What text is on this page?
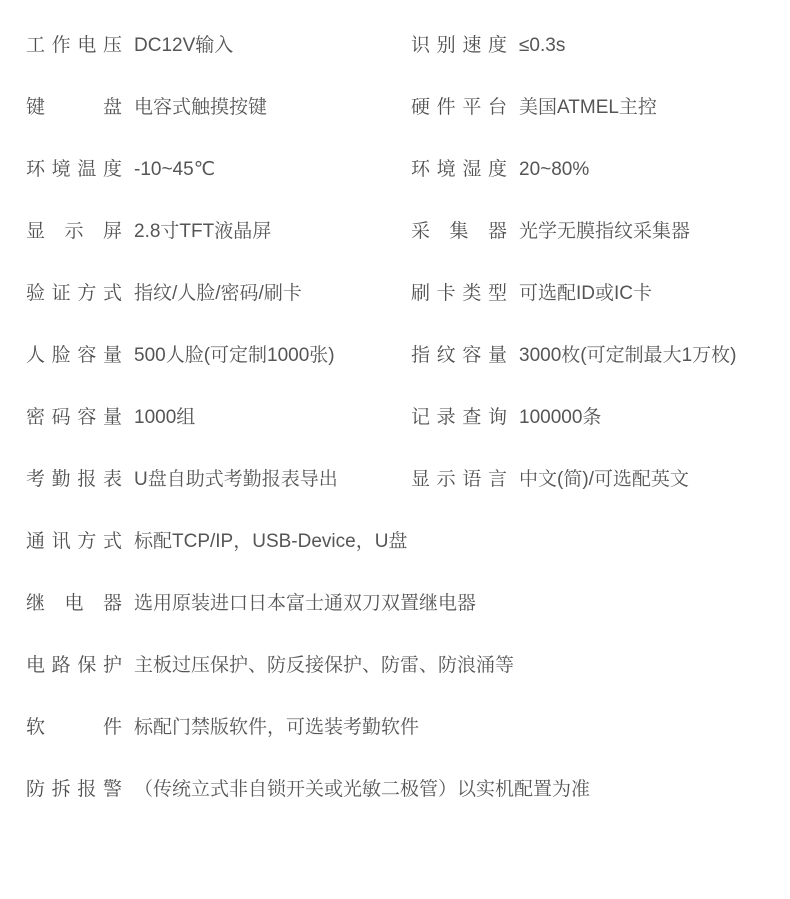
工作电压 DC12V输入	识别速度 ≤0.3s
键 盘 电容式触摸按键	硬件平台 美国ATMEL主控
环境温度 -10~45℃	环境湿度 20~80%
显 示 屏 2.8寸TFT液晶屏	采 集 器 光学无膜指纹采集器
验证方式 指纹/人脸/密码/刷卡	刷卡类型 可选配ID或IC卡
人脸容量 500人脸(可定制1000张)	指纹容量 3000枚(可定制最大1万枚)
密码容量 1000组	记录查询 100000条
考勤报表 U盘自助式考勤报表导出	显示语言 中文(简)/可选配英文
通讯方式 标配TCP/IP，USB-Device，U盘
继 电 器 选用原装进口日本富士通双刀双置继电器
电路保护 主板过压保护、防反接保护、防雷、防浪涌等
软 件 标配门禁版软件，可选装考勤软件
防拆报警 （传统立式非自锁开关或光敏二极管）以实机配置为准
